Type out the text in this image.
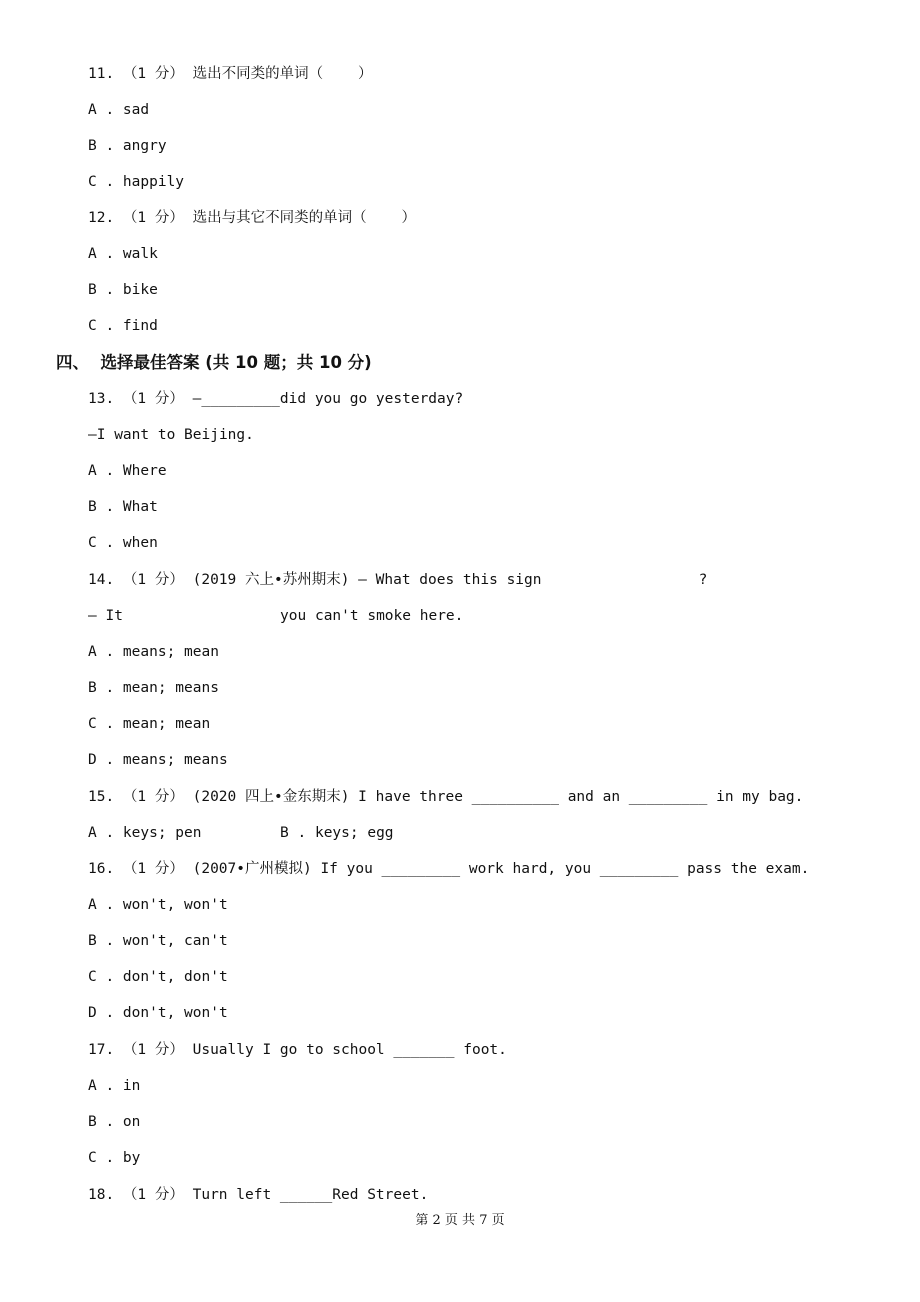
11. （1 分） 选出不同类的单词（    ）
A . sad
B . angry
C . happily
12. （1 分） 选出与其它不同类的单词（    ）
A . walk
B . bike
C . find
四、  选择最佳答案 (共 10 题；共 10 分)
13. （1 分） —_________did you go yesterday?
—I want to Beijing.
A . Where
B . What
C . when
14. （1 分） (2019 六上•苏州期末) — What does this sign                  ?
— It                  you can't smoke here.
A . means; mean
B . mean; means
C . mean; mean
D . means; means
15. （1 分） (2020 四上•金东期末) I have three __________ and an _________ in my bag.
A . keys; pen         B . keys; egg
16. （1 分） (2007•广州模拟) If you _________ work hard, you _________ pass the exam.
A . won't, won't
B . won't, can't
C . don't, don't
D . don't, won't
17. （1 分） Usually I go to school _______ foot.
A . in
B . on
C . by
18. （1 分） Turn left ______Red Street.
第 2 页 共 7 页
